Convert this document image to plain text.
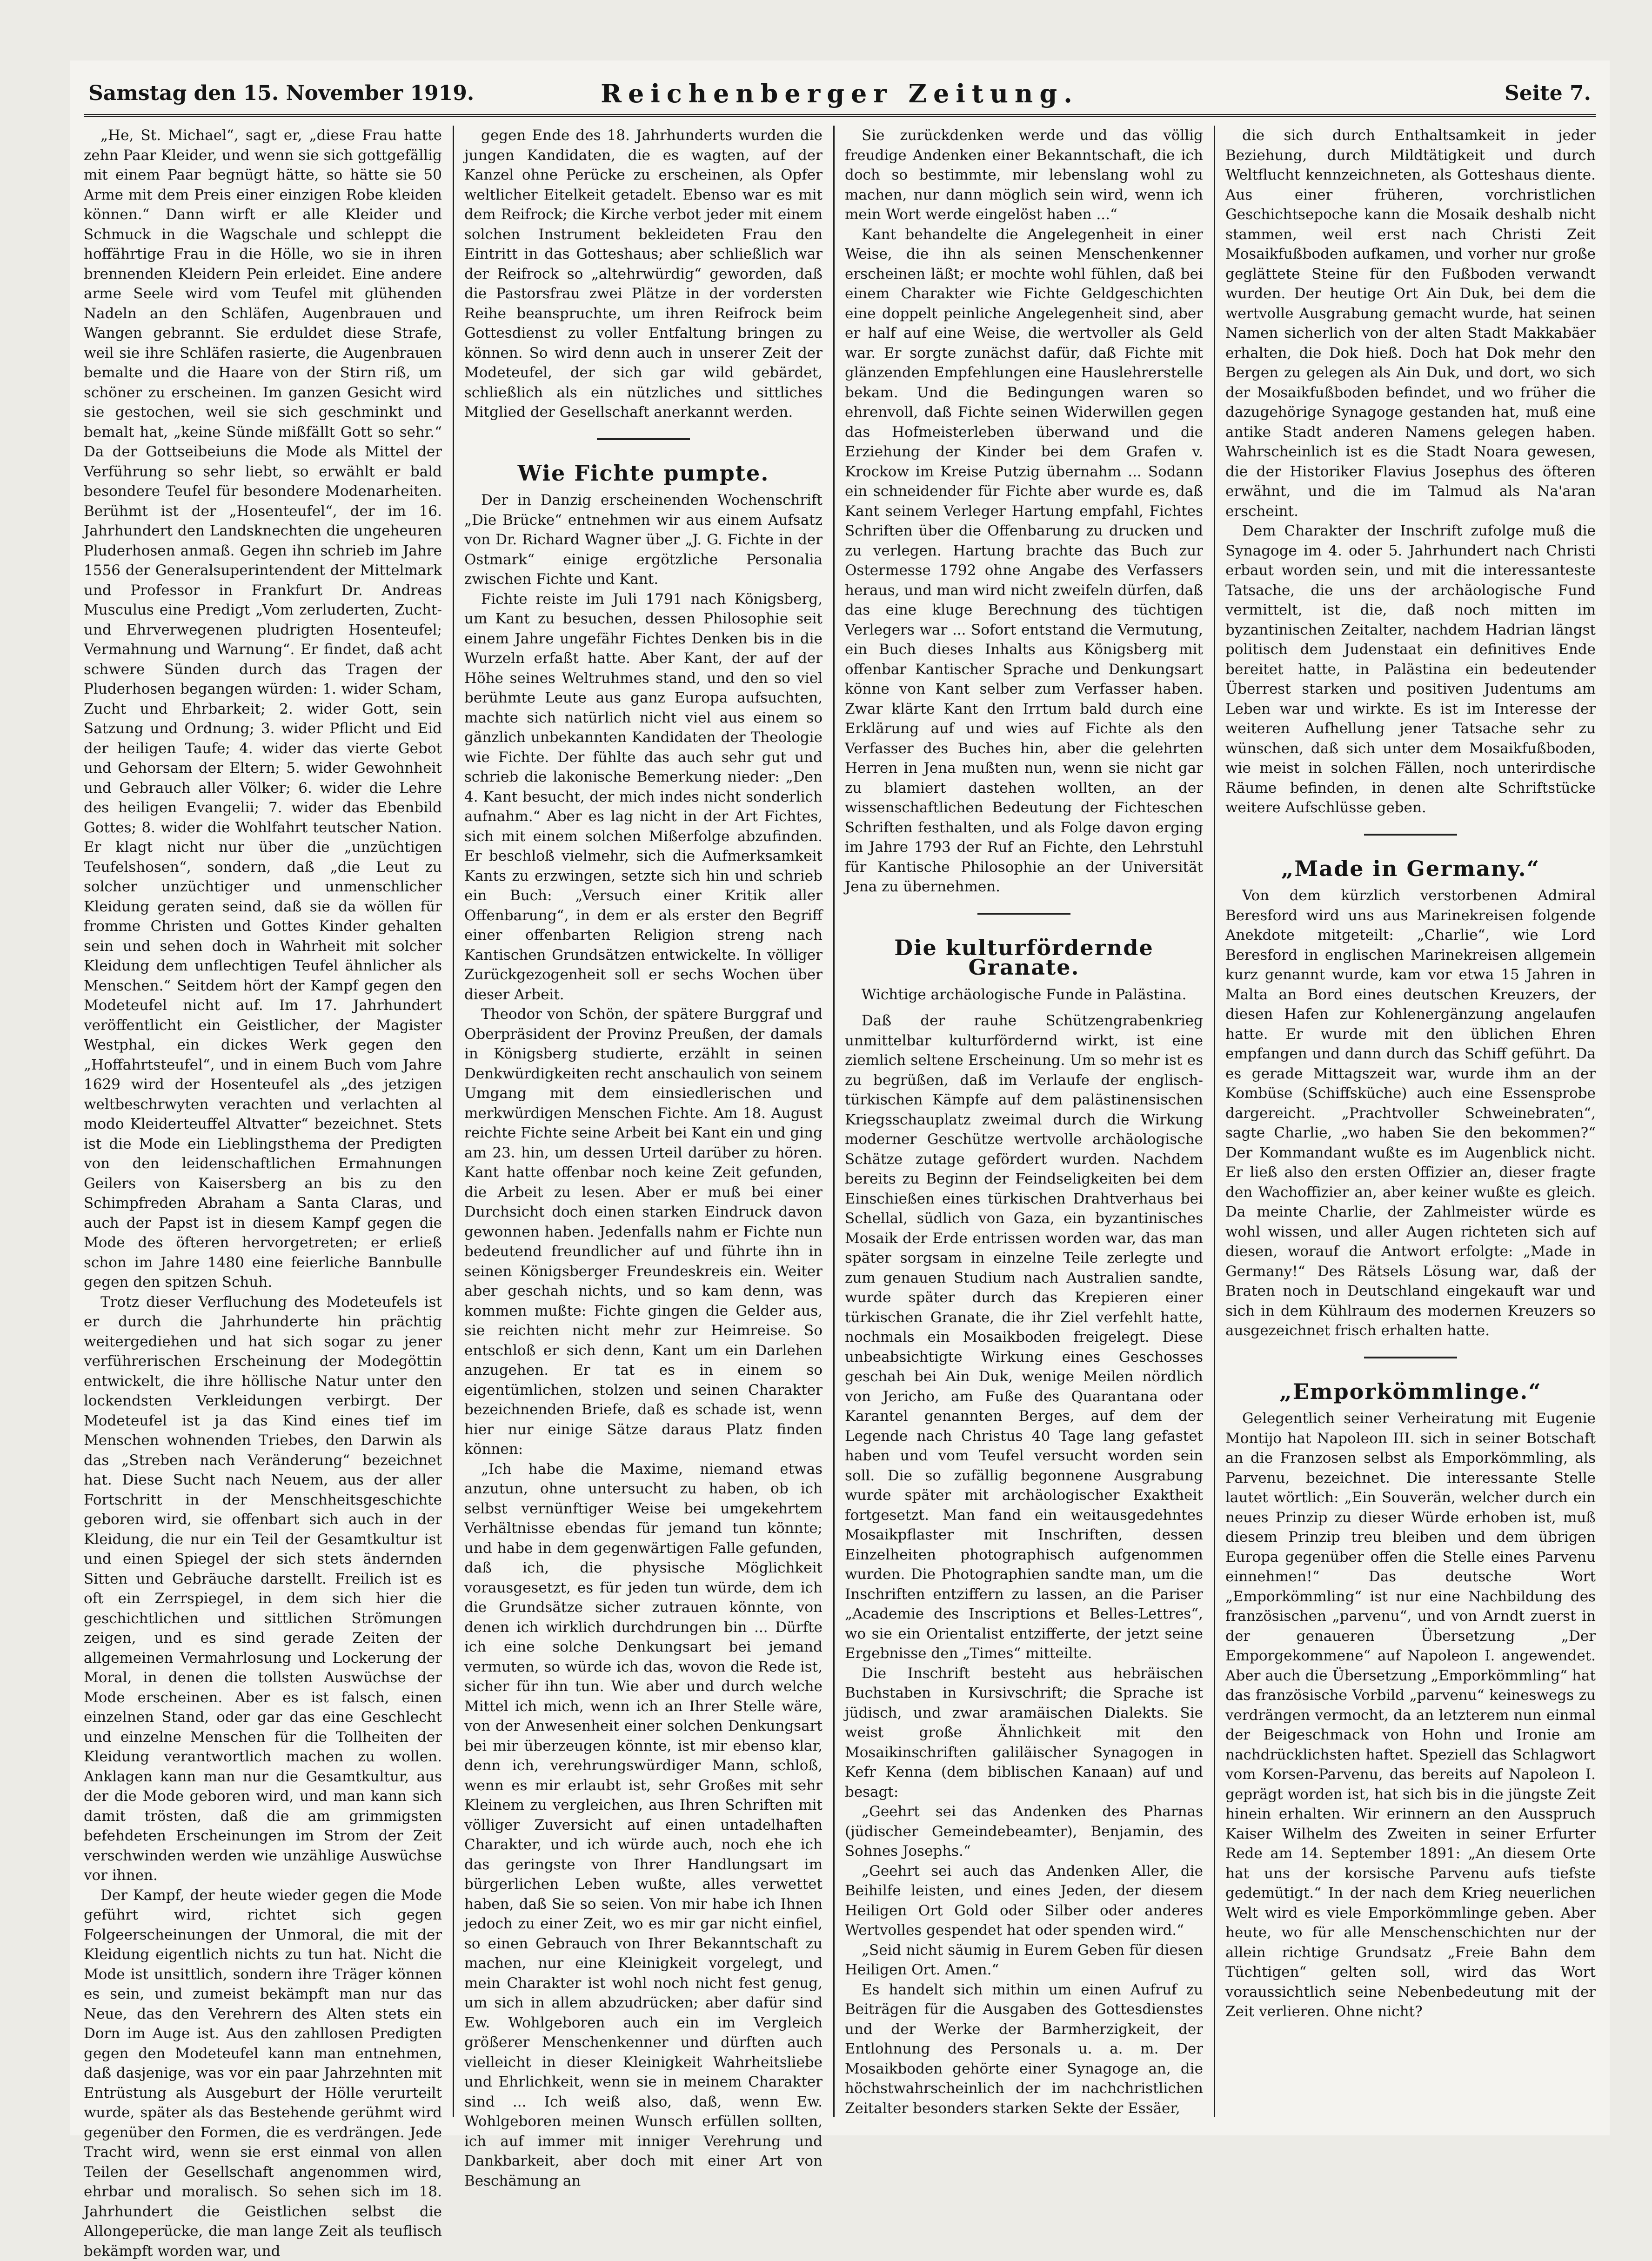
Samstag den 15. November 1919.	Reichenberger Zeitung.	Seite 7.

„He, St. Michael“, sagt er, „diese Frau hatte zehn Paar Kleider, und wenn sie sich gottgefällig mit einem Paar begnügt hätte, so hätte sie 50 Arme mit dem Preis einer einzigen Robe kleiden können.“ Dann wirft er alle Kleider und Schmuck in die Wagschale und schleppt die hoffährtige Frau in die Hölle, wo sie in ihren brennenden Kleidern Pein erleidet. Eine andere arme Seele wird vom Teufel mit glühenden Nadeln an den Schläfen, Augenbrauen und Wangen gebrannt. Sie erduldet diese Strafe, weil sie ihre Schläfen rasierte, die Augenbrauen bemalte und die Haare von der Stirn riß, um schöner zu erscheinen. Im ganzen Gesicht wird sie gestochen, weil sie sich geschminkt und bemalt hat, „keine Sünde mißfällt Gott so sehr.“ Da der Gottseibeiuns die Mode als Mittel der Verführung so sehr liebt, so erwählt er bald besondere Teufel für besondere Modenarheiten. Berühmt ist der „Hosenteufel“, der im 16. Jahrhundert den Landsknechten die ungeheuren Pluderhosen anmaß. Gegen ihn schrieb im Jahre 1556 der Generalsuperintendent der Mittelmark und Professor in Frankfurt Dr. Andreas Musculus eine Predigt „Vom zerluderten, Zucht- und Ehrverwegenen pludrigten Hosenteufel; Vermahnung und Warnung“. Er findet, daß acht schwere Sünden durch das Tragen der Pluderhosen begangen würden: 1. wider Scham, Zucht und Ehrbarkeit; 2. wider Gott, sein Satzung und Ordnung; 3. wider Pflicht und Eid der heiligen Taufe; 4. wider das vierte Gebot und Gehorsam der Eltern; 5. wider Gewohnheit und Gebrauch aller Völker; 6. wider die Lehre des heiligen Evangelii; 7. wider das Ebenbild Gottes; 8. wider die Wohlfahrt teutscher Nation. Er klagt nicht nur über die „unzüchtigen Teufelshosen“, sondern, daß „die Leut zu solcher unzüchtiger und unmenschlicher Kleidung geraten seind, daß sie da wöllen für fromme Christen und Gottes Kinder gehalten sein und sehen doch in Wahrheit mit solcher Kleidung dem unflechtigen Teufel ähnlicher als Menschen.“ Seitdem hört der Kampf gegen den Modeteufel nicht auf. Im 17. Jahrhundert veröffentlicht ein Geistlicher, der Magister Westphal, ein dickes Werk gegen den „Hoffahrtsteufel“, und in einem Buch vom Jahre 1629 wird der Hosenteufel als „des jetzigen weltbeschrwyten verachten und verlachten al modo Kleiderteuffel Altvatter“ bezeichnet. Stets ist die Mode ein Lieblingsthema der Predigten von den leidenschaftlichen Ermahnungen Geilers von Kaisersberg an bis zu den Schimpfreden Abraham a Santa Claras, und auch der Papst ist in diesem Kampf gegen die Mode des öfteren hervorgetreten; er erließ schon im Jahre 1480 eine feierliche Bannbulle gegen den spitzen Schuh.

Trotz dieser Verfluchung des Modeteufels ist er durch die Jahrhunderte hin prächtig weitergediehen und hat sich sogar zu jener verführerischen Erscheinung der Modegöttin entwickelt, die ihre höllische Natur unter den lockendsten Verkleidungen verbirgt. Der Modeteufel ist ja das Kind eines tief im Menschen wohnenden Triebes, den Darwin als das „Streben nach Veränderung“ bezeichnet hat. Diese Sucht nach Neuem, aus der aller Fortschritt in der Menschheitsgeschichte geboren wird, sie offenbart sich auch in der Kleidung, die nur ein Teil der Gesamtkultur ist und einen Spiegel der sich stets ändernden Sitten und Gebräuche darstellt. Freilich ist es oft ein Zerrspiegel, in dem sich hier die geschichtlichen und sittlichen Strömungen zeigen, und es sind gerade Zeiten der allgemeinen Vermahrlosung und Lockerung der Moral, in denen die tollsten Auswüchse der Mode erscheinen. Aber es ist falsch, einen einzelnen Stand, oder gar das eine Geschlecht und einzelne Menschen für die Tollheiten der Kleidung verantwortlich machen zu wollen. Anklagen kann man nur die Gesamtkultur, aus der die Mode geboren wird, und man kann sich damit trösten, daß die am grimmigsten befehdeten Erscheinungen im Strom der Zeit verschwinden werden wie unzählige Auswüchse vor ihnen.

Der Kampf, der heute wieder gegen die Mode geführt wird, richtet sich gegen Folgeerscheinungen der Unmoral, die mit der Kleidung eigentlich nichts zu tun hat. Nicht die Mode ist unsittlich, sondern ihre Träger können es sein, und zumeist bekämpft man nur das Neue, das den Verehrern des Alten stets ein Dorn im Auge ist. Aus den zahllosen Predigten gegen den Modeteufel kann man entnehmen, daß dasjenige, was vor ein paar Jahrzehnten mit Entrüstung als Ausgeburt der Hölle verurteilt wurde, später als das Bestehende gerühmt wird gegenüber den Formen, die es verdrängen. Jede Tracht wird, wenn sie erst einmal von allen Teilen der Gesellschaft angenommen wird, ehrbar und moralisch. So sehen sich im 18. Jahrhundert die Geistlichen selbst die Allongeperücke, die man lange Zeit als teuflisch bekämpft worden war, und

gegen Ende des 18. Jahrhunderts wurden die jungen Kandidaten, die es wagten, auf der Kanzel ohne Perücke zu erscheinen, als Opfer weltlicher Eitelkeit getadelt. Ebenso war es mit dem Reifrock; die Kirche verbot jeder mit einem solchen Instrument bekleideten Frau den Eintritt in das Gotteshaus; aber schließlich war der Reifrock so „altehrwürdig“ geworden, daß die Pastorsfrau zwei Plätze in der vordersten Reihe beanspruchte, um ihren Reifrock beim Gottesdienst zu voller Entfaltung bringen zu können. So wird denn auch in unserer Zeit der Modeteufel, der sich gar wild gebärdet, schließlich als ein nützliches und sittliches Mitglied der Gesellschaft anerkannt werden.

Wie Fichte pumpte.

Der in Danzig erscheinenden Wochenschrift „Die Brücke“ entnehmen wir aus einem Aufsatz von Dr. Richard Wagner über „J. G. Fichte in der Ostmark“ einige ergötzliche Personalia zwischen Fichte und Kant.

Fichte reiste im Juli 1791 nach Königsberg, um Kant zu besuchen, dessen Philosophie seit einem Jahre ungefähr Fichtes Denken bis in die Wurzeln erfaßt hatte. Aber Kant, der auf der Höhe seines Weltruhmes stand, und den so viel berühmte Leute aus ganz Europa aufsuchten, machte sich natürlich nicht viel aus einem so gänzlich unbekannten Kandidaten der Theologie wie Fichte. Der fühlte das auch sehr gut und schrieb die lakonische Bemerkung nieder: „Den 4. Kant besucht, der mich indes nicht sonderlich aufnahm.“ Aber es lag nicht in der Art Fichtes, sich mit einem solchen Mißerfolge abzufinden. Er beschloß vielmehr, sich die Aufmerksamkeit Kants zu erzwingen, setzte sich hin und schrieb ein Buch: „Versuch einer Kritik aller Offenbarung“, in dem er als erster den Begriff einer offenbarten Religion streng nach Kantischen Grundsätzen entwickelte. In völliger Zurückgezogenheit soll er sechs Wochen über dieser Arbeit.

Theodor von Schön, der spätere Burggraf und Oberpräsident der Provinz Preußen, der damals in Königsberg studierte, erzählt in seinen Denkwürdigkeiten recht anschaulich von seinem Umgang mit dem einsiedlerischen und merkwürdigen Menschen Fichte. Am 18. August reichte Fichte seine Arbeit bei Kant ein und ging am 23. hin, um dessen Urteil darüber zu hören. Kant hatte offenbar noch keine Zeit gefunden, die Arbeit zu lesen. Aber er muß bei einer Durchsicht doch einen starken Eindruck davon gewonnen haben. Jedenfalls nahm er Fichte nun bedeutend freundlicher auf und führte ihn in seinen Königsberger Freundeskreis ein. Weiter aber geschah nichts, und so kam denn, was kommen mußte: Fichte gingen die Gelder aus, sie reichten nicht mehr zur Heimreise. So entschloß er sich denn, Kant um ein Darlehen anzugehen. Er tat es in einem so eigentümlichen, stolzen und seinen Charakter bezeichnenden Briefe, daß es schade ist, wenn hier nur einige Sätze daraus Platz finden können:

„Ich habe die Maxime, niemand etwas anzutun, ohne untersucht zu haben, ob ich selbst vernünftiger Weise bei umgekehrtem Verhältnisse ebendas für jemand tun könnte; und habe in dem gegenwärtigen Falle gefunden, daß ich, die physische Möglichkeit vorausgesetzt, es für jeden tun würde, dem ich die Grundsätze sicher zutrauen könnte, von denen ich wirklich durchdrungen bin ... Dürfte ich eine solche Denkungsart bei jemand vermuten, so würde ich das, wovon die Rede ist, sicher für ihn tun. Wie aber und durch welche Mittel ich mich, wenn ich an Ihrer Stelle wäre, von der Anwesenheit einer solchen Denkungsart bei mir überzeugen könnte, ist mir ebenso klar, denn ich, verehrungswürdiger Mann, schloß, wenn es mir erlaubt ist, sehr Großes mit sehr Kleinem zu vergleichen, aus Ihren Schriften mit völliger Zuversicht auf einen untadelhaften Charakter, und ich würde auch, noch ehe ich das geringste von Ihrer Handlungsart im bürgerlichen Leben wußte, alles verwettet haben, daß Sie so seien. Von mir habe ich Ihnen jedoch zu einer Zeit, wo es mir gar nicht einfiel, so einen Gebrauch von Ihrer Bekanntschaft zu machen, nur eine Kleinigkeit vorgelegt, und mein Charakter ist wohl noch nicht fest genug, um sich in allem abzudrücken; aber dafür sind Ew. Wohlgeboren auch ein im Vergleich größerer Menschenkenner und dürften auch vielleicht in dieser Kleinigkeit Wahrheitsliebe und Ehrlichkeit, wenn sie in meinem Charakter sind ... Ich weiß also, daß, wenn Ew. Wohlgeboren meinen Wunsch erfüllen sollten, ich auf immer mit inniger Verehrung und Dankbarkeit, aber doch mit einer Art von Beschämung an

Sie zurückdenken werde und das völlig freudige Andenken einer Bekanntschaft, die ich doch so bestimmte, mir lebenslang wohl zu machen, nur dann möglich sein wird, wenn ich mein Wort werde eingelöst haben ...“

Kant behandelte die Angelegenheit in einer Weise, die ihn als seinen Menschenkenner erscheinen läßt; er mochte wohl fühlen, daß bei einem Charakter wie Fichte Geldgeschichten eine doppelt peinliche Angelegenheit sind, aber er half auf eine Weise, die wertvoller als Geld war. Er sorgte zunächst dafür, daß Fichte mit glänzenden Empfehlungen eine Hauslehrerstelle bekam. Und die Bedingungen waren so ehrenvoll, daß Fichte seinen Widerwillen gegen das Hofmeisterleben überwand und die Erziehung der Kinder bei dem Grafen v. Krockow im Kreise Putzig übernahm ... Sodann ein schneidender für Fichte aber wurde es, daß Kant seinem Verleger Hartung empfahl, Fichtes Schriften über die Offenbarung zu drucken und zu verlegen. Hartung brachte das Buch zur Ostermesse 1792 ohne Angabe des Verfassers heraus, und man wird nicht zweifeln dürfen, daß das eine kluge Berechnung des tüchtigen Verlegers war ... Sofort entstand die Vermutung, ein Buch dieses Inhalts aus Königsberg mit offenbar Kantischer Sprache und Denkungsart könne von Kant selber zum Verfasser haben. Zwar klärte Kant den Irrtum bald durch eine Erklärung auf und wies auf Fichte als den Verfasser des Buches hin, aber die gelehrten Herren in Jena mußten nun, wenn sie nicht gar zu blamiert dastehen wollten, an der wissenschaftlichen Bedeutung der Fichteschen Schriften festhalten, und als Folge davon erging im Jahre 1793 der Ruf an Fichte, den Lehrstuhl für Kantische Philosophie an der Universität Jena zu übernehmen.

Die kulturfördernde Granate.
Wichtige archäologische Funde in Palästina.

Daß der rauhe Schützengrabenkrieg unmittelbar kulturfördernd wirkt, ist eine ziemlich seltene Erscheinung. Um so mehr ist es zu begrüßen, daß im Verlaufe der englisch-türkischen Kämpfe auf dem palästinensischen Kriegsschauplatz zweimal durch die Wirkung moderner Geschütze wertvolle archäologische Schätze zutage gefördert wurden. Nachdem bereits zu Beginn der Feindseligkeiten bei dem Einschießen eines türkischen Drahtverhaus bei Schellal, südlich von Gaza, ein byzantinisches Mosaik der Erde entrissen worden war, das man später sorgsam in einzelne Teile zerlegte und zum genauen Studium nach Australien sandte, wurde später durch das Krepieren einer türkischen Granate, die ihr Ziel verfehlt hatte, nochmals ein Mosaikboden freigelegt. Diese unbeabsichtigte Wirkung eines Geschosses geschah bei Ain Duk, wenige Meilen nördlich von Jericho, am Fuße des Quarantana oder Karantel genannten Berges, auf dem der Legende nach Christus 40 Tage lang gefastet haben und vom Teufel versucht worden sein soll. Die so zufällig begonnene Ausgrabung wurde später mit archäologischer Exaktheit fortgesetzt. Man fand ein weitausgedehntes Mosaikpflaster mit Inschriften, dessen Einzelheiten photographisch aufgenommen wurden. Die Photographien sandte man, um die Inschriften entziffern zu lassen, an die Pariser „Academie des Inscriptions et Belles-Lettres“, wo sie ein Orientalist entzifferte, der jetzt seine Ergebnisse den „Times“ mitteilte.

Die Inschrift besteht aus hebräischen Buchstaben in Kursivschrift; die Sprache ist jüdisch, und zwar aramäischen Dialekts. Sie weist große Ähnlichkeit mit den Mosaikinschriften galiläischer Synagogen in Kefr Kenna (dem biblischen Kanaan) auf und besagt:

„Geehrt sei das Andenken des Pharnas (jüdischer Gemeindebeamter), Benjamin, des Sohnes Josephs.“

„Geehrt sei auch das Andenken Aller, die Beihilfe leisten, und eines Jeden, der diesem Heiligen Ort Gold oder Silber oder anderes Wertvolles gespendet hat oder spenden wird.“

„Seid nicht säumig in Eurem Geben für diesen Heiligen Ort. Amen.“

Es handelt sich mithin um einen Aufruf zu Beiträgen für die Ausgaben des Gottesdienstes und der Werke der Barmherzigkeit, der Entlohnung des Personals u. a. m. Der Mosaikboden gehörte einer Synagoge an, die höchstwahrscheinlich der im nachchristlichen Zeitalter besonders starken Sekte der Essäer,

die sich durch Enthaltsamkeit in jeder Beziehung, durch Mildtätigkeit und durch Weltflucht kennzeichneten, als Gotteshaus diente. Aus einer früheren, vorchristlichen Geschichtsepoche kann die Mosaik deshalb nicht stammen, weil erst nach Christi Zeit Mosaikfußboden aufkamen, und vorher nur große geglättete Steine für den Fußboden verwandt wurden. Der heutige Ort Ain Duk, bei dem die wertvolle Ausgrabung gemacht wurde, hat seinen Namen sicherlich von der alten Stadt Makkabäer erhalten, die Dok hieß. Doch hat Dok mehr den Bergen zu gelegen als Ain Duk, und dort, wo sich der Mosaikfußboden befindet, und wo früher die dazugehörige Synagoge gestanden hat, muß eine antike Stadt anderen Namens gelegen haben. Wahrscheinlich ist es die Stadt Noara gewesen, die der Historiker Flavius Josephus des öfteren erwähnt, und die im Talmud als Na'aran erscheint.

Dem Charakter der Inschrift zufolge muß die Synagoge im 4. oder 5. Jahrhundert nach Christi erbaut worden sein, und mit die interessanteste Tatsache, die uns der archäologische Fund vermittelt, ist die, daß noch mitten im byzantinischen Zeitalter, nachdem Hadrian längst politisch dem Judenstaat ein definitives Ende bereitet hatte, in Palästina ein bedeutender Überrest starken und positiven Judentums am Leben war und wirkte. Es ist im Interesse der weiteren Aufhellung jener Tatsache sehr zu wünschen, daß sich unter dem Mosaikfußboden, wie meist in solchen Fällen, noch unterirdische Räume befinden, in denen alte Schriftstücke weitere Aufschlüsse geben.

„Made in Germany.“

Von dem kürzlich verstorbenen Admiral Beresford wird uns aus Marinekreisen folgende Anekdote mitgeteilt: „Charlie“, wie Lord Beresford in englischen Marinekreisen allgemein kurz genannt wurde, kam vor etwa 15 Jahren in Malta an Bord eines deutschen Kreuzers, der diesen Hafen zur Kohlenergänzung angelaufen hatte. Er wurde mit den üblichen Ehren empfangen und dann durch das Schiff geführt. Da es gerade Mittagszeit war, wurde ihm an der Kombüse (Schiffsküche) auch eine Essensprobe dargereicht. „Prachtvoller Schweinebraten“, sagte Charlie, „wo haben Sie den bekommen?“ Der Kommandant wußte es im Augenblick nicht. Er ließ also den ersten Offizier an, dieser fragte den Wachoffizier an, aber keiner wußte es gleich. Da meinte Charlie, der Zahlmeister würde es wohl wissen, und aller Augen richteten sich auf diesen, worauf die Antwort erfolgte: „Made in Germany!“ Des Rätsels Lösung war, daß der Braten noch in Deutschland eingekauft war und sich in dem Kühlraum des modernen Kreuzers so ausgezeichnet frisch erhalten hatte.

„Emporkömmlinge.“

Gelegentlich seiner Verheiratung mit Eugenie Montijo hat Napoleon III. sich in seiner Botschaft an die Franzosen selbst als Emporkömmling, als Parvenu, bezeichnet. Die interessante Stelle lautet wörtlich: „Ein Souverän, welcher durch ein neues Prinzip zu dieser Würde erhoben ist, muß diesem Prinzip treu bleiben und dem übrigen Europa gegenüber offen die Stelle eines Parvenu einnehmen!“ Das deutsche Wort „Emporkömmling“ ist nur eine Nachbildung des französischen „parvenu“, und von Arndt zuerst in der genaueren Übersetzung „Der Emporgekommene“ auf Napoleon I. angewendet. Aber auch die Übersetzung „Emporkömmling“ hat das französische Vorbild „parvenu“ keineswegs zu verdrängen vermocht, da an letzterem nun einmal der Beigeschmack von Hohn und Ironie am nachdrücklichsten haftet. Speziell das Schlagwort vom Korsen-Parvenu, das bereits auf Napoleon I. geprägt worden ist, hat sich bis in die jüngste Zeit hinein erhalten. Wir erinnern an den Ausspruch Kaiser Wilhelm des Zweiten in seiner Erfurter Rede am 14. September 1891: „An diesem Orte hat uns der korsische Parvenu aufs tiefste gedemütigt.“ In der nach dem Krieg neuerlichen Welt wird es viele Emporkömmlinge geben. Aber heute, wo für alle Menschenschichten nur der allein richtige Grundsatz „Freie Bahn dem Tüchtigen“ gelten soll, wird das Wort voraussichtlich seine Nebenbedeutung mit der Zeit verlieren. Ohne nicht?
